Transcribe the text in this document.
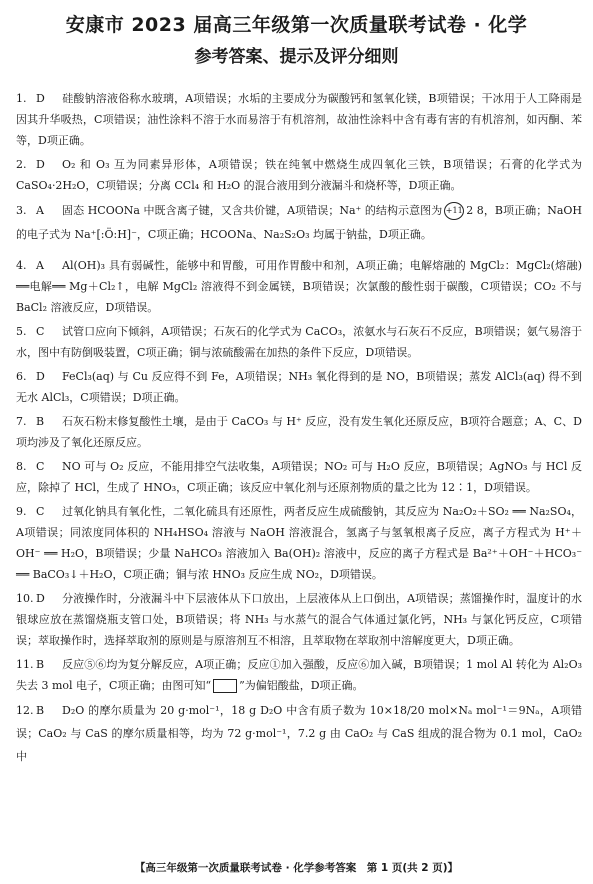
安康市 2023 届高三年级第一次质量联考试卷 · 化学
参考答案、提示及评分细则
1. D 硅酸钠溶液俗称水玻璃，A项错误；水垢的主要成分为碳酸钙和氢氧化镁，B项错误；干冰用于人工降雨是因其升华吸热，C项错误；油性涂料不溶于水而易溶于有机溶剂，故油性涂料中含有毒有害的有机溶剂，如丙酮、苯等，D项正确。
2. D O₂ 和 O₃ 互为同素异形体，A项错误；铁在纯氧中燃烧生成四氧化三铁，B项错误；石膏的化学式为 CaSO₄·2H₂O，C项错误；分离 CCl₄ 和 H₂O 的混合液用到分液漏斗和烧杯等，D项正确。
3. A 固态 HCOONa 中既含离子键，又含共价键，A项错误；Na⁺ 的结构示意图为 +11 2 8，B项正确；NaOH 的电子式为 Na⁺[:Ö:H]⁻，C项正确；HCOONa、Na₂S₂O₃ 均属于钠盐，D项正确。
4. A Al(OH)₃ 具有弱碱性，能够中和胃酸，可用作胃酸中和剂，A项正确；电解熔融的 MgCl₂：MgCl₂(熔融) ══电解══ Mg＋Cl₂↑，电解 MgCl₂ 溶液得不到金属镁，B项错误；次氯酸的酸性弱于碳酸，C项错误；CO₂ 不与 BaCl₂ 溶液反应，D项错误。
5. C 试管口应向下倾斜，A项错误；石灰石的化学式为 CaCO₃，浓氨水与石灰石不反应，B项错误；氨气易溶于水，图中有防倒吸装置，C项正确；铜与浓硫酸需在加热的条件下反应，D项错误。
6. D FeCl₃(aq) 与 Cu 反应得不到 Fe，A项错误；NH₃ 氧化得到的是 NO，B项错误；蒸发 AlCl₃(aq) 得不到无水 AlCl₃，C项错误；D项正确。
7. B 石灰石粉末修复酸性土壤，是由于 CaCO₃ 与 H⁺ 反应，没有发生氧化还原反应，B项符合题意；A、C、D项均涉及了氧化还原反应。
8. C NO 可与 O₂ 反应，不能用排空气法收集，A项错误；NO₂ 可与 H₂O 反应，B项错误；AgNO₃ 与 HCl 反应，除掉了 HCl，生成了 HNO₃，C项正确；该反应中氧化剂与还原剂物质的量之比为 12∶1，D项错误。
9. C 过氧化钠具有氧化性，二氧化硫具有还原性，两者反应生成硫酸钠，其反应为 Na₂O₂＋SO₂ ══ Na₂SO₄，A项错误；同浓度同体积的 NH₄HSO₄ 溶液与 NaOH 溶液混合，氢离子与氢氧根离子反应，离子方程式为 H⁺＋OH⁻ ══ H₂O，B项错误；少量 NaHCO₃ 溶液加入 Ba(OH)₂ 溶液中，反应的离子方程式是 Ba²⁺＋OH⁻＋HCO₃⁻ ══ BaCO₃↓＋H₂O，C项正确；铜与浓 HNO₃ 反应生成 NO₂，D项错误。
10. D 分液操作时，分液漏斗中下层液体从下口放出，上层液体从上口倒出，A项错误；蒸馏操作时，温度计的水银球应放在蒸馏烧瓶支管口处，B项错误；将 NH₃ 与水蒸气的混合气体通过氯化钙，NH₃ 与氯化钙反应，C项错误；萃取操作时，选择萃取剂的原则是与原溶剂互不相溶，且萃取物在萃取剂中溶解度更大，D项正确。
11. B 反应⑤⑥均为复分解反应，A项正确；反应①加入强酸，反应⑥加入碱，B项错误；1 mol Al 转化为 Al₂O₃ 失去 3 mol 电子，C项正确；由图可知“	”为偏铝酸盐，D项正确。
12. B D₂O 的摩尔质量为 20 g·mol⁻¹，18 g D₂O 中含有质子数为 10×18/20 mol×Nₐ mol⁻¹＝9Nₐ，A项错误；CaO₂ 与 CaS 的摩尔质量相等，均为 72 g·mol⁻¹，7.2 g 由 CaO₂ 与 CaS 组成的混合物为 0.1 mol，CaO₂ 中
【高三年级第一次质量联考试卷 · 化学参考答案　第 1 页(共 2 页)】
